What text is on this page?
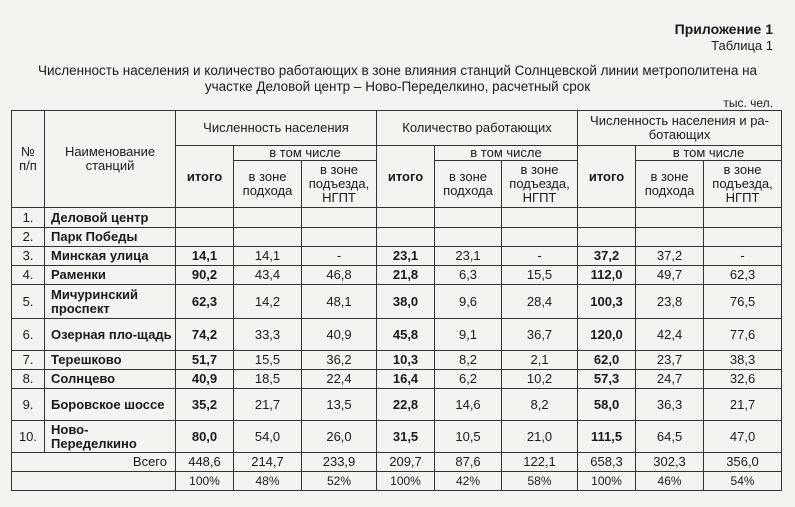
Приложение 1
Таблица 1
Численность населения и количество работающих в зоне влияния станций Солнцевской линии метрополитена на
участке Деловой центр – Ново-Переделкино, расчетный срок
тыс. чел.
№ п/п	Наименование станций	Численность населения			Количество работающих			Численность населения и ра-ботающих		
		итого	в том числе		итого	в том числе		итого	в том числе	
			в зоне подхода	в зоне подъезда, НГПТ		в зоне подхода	в зоне подъезда, НГПТ		в зоне подхода	в зоне подъезда, НГПТ
1.	Деловой центр									
2.	Парк Победы									
3.	Минская улица	14,1	14,1	-	23,1	23,1	-	37,2	37,2	-
4.	Раменки	90,2	43,4	46,8	21,8	6,3	15,5	112,0	49,7	62,3
5.	Мичуринский проспект	62,3	14,2	48,1	38,0	9,6	28,4	100,3	23,8	76,5
6.	Озерная пло-щадь	74,2	33,3	40,9	45,8	9,1	36,7	120,0	42,4	77,6
7.	Терешково	51,7	15,5	36,2	10,3	8,2	2,1	62,0	23,7	38,3
8.	Солнцево	40,9	18,5	22,4	16,4	6,2	10,2	57,3	24,7	32,6
9.	Боровское шоссе	35,2	21,7	13,5	22,8	14,6	8,2	58,0	36,3	21,7
10.	Ново-Переделкино	80,0	54,0	26,0	31,5	10,5	21,0	111,5	64,5	47,0
Всего		448,6	214,7	233,9	209,7	87,6	122,1	658,3	302,3	356,0
		100%	48%	52%	100%	42%	58%	100%	46%	54%
